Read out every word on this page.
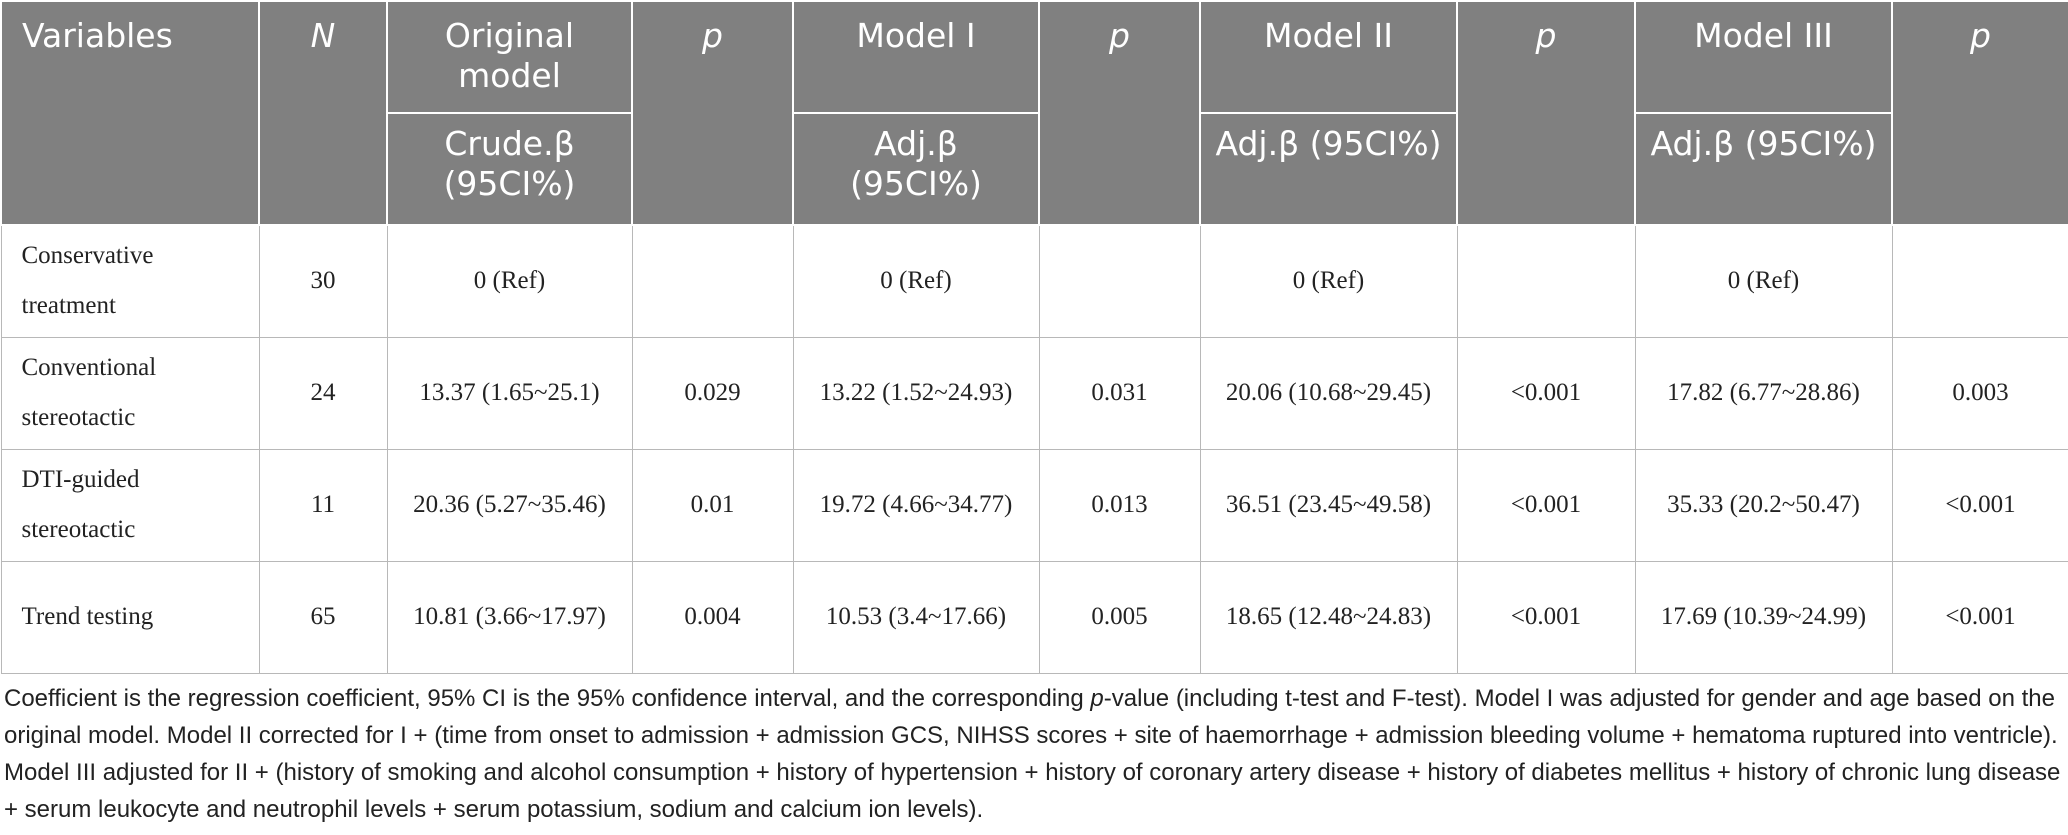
Variables	N	Original model	p	Model I	p	Model II	p	Model III	p
		Crude.β (95CI%)		Adj.β (95CI%)		Adj.β (95CI%)		Adj.β (95CI%)	
Conservative treatment	30	0 (Ref)		0 (Ref)		0 (Ref)		0 (Ref)	
Conventional stereotactic	24	13.37 (1.65~25.1)	0.029	13.22 (1.52~24.93)	0.031	20.06 (10.68~29.45)	<0.001	17.82 (6.77~28.86)	0.003
DTI-guided stereotactic	11	20.36 (5.27~35.46)	0.01	19.72 (4.66~34.77)	0.013	36.51 (23.45~49.58)	<0.001	35.33 (20.2~50.47)	<0.001
Trend testing	65	10.81 (3.66~17.97)	0.004	10.53 (3.4~17.66)	0.005	18.65 (12.48~24.83)	<0.001	17.69 (10.39~24.99)	<0.001
Coefficient is the regression coefficient, 95% CI is the 95% confidence interval, and the corresponding p-value (including t-test and F-test). Model I was adjusted for gender and age based on the original model. Model II corrected for I + (time from onset to admission + admission GCS, NIHSS scores + site of haemorrhage + admission bleeding volume + hematoma ruptured into ventricle). Model III adjusted for II + (history of smoking and alcohol consumption + history of hypertension + history of coronary artery disease + history of diabetes mellitus + history of chronic lung disease + serum leukocyte and neutrophil levels + serum potassium, sodium and calcium ion levels).
